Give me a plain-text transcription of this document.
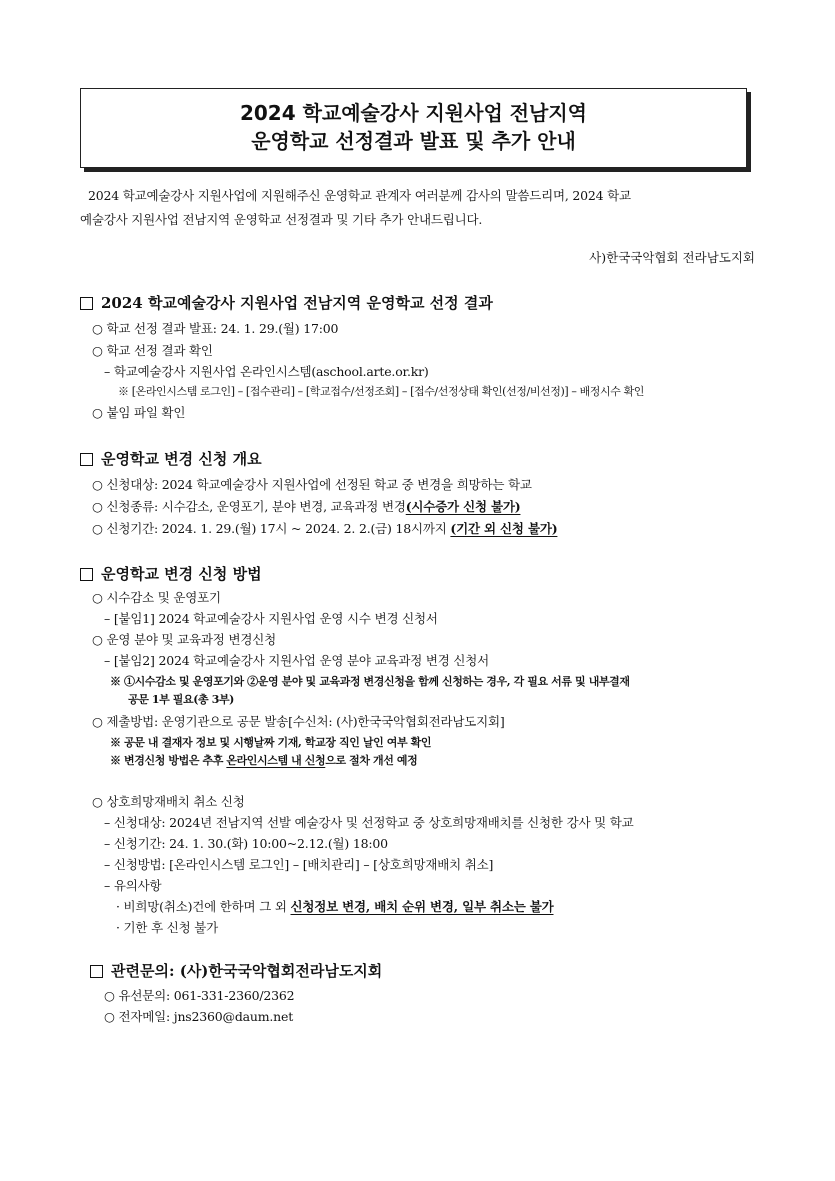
2024 학교예술강사 지원사업 전남지역
운영학교 선정결과 발표 및 추가 안내
2024 학교예술강사 지원사업에 지원해주신 운영학교 관계자 여러분께 감사의 말씀드리며, 2024 학교
예술강사 지원사업 전남지역 운영학교 선정결과 및 기타 추가 안내드립니다.
사)한국국악협회 전라남도지회
2024 학교예술강사 지원사업 전남지역 운영학교 선정 결과
○ 학교 선정 결과 발표: 24. 1. 29.(월) 17:00
○ 학교 선정 결과 확인
– 학교예술강사 지원사업 온라인시스템(aschool.arte.or.kr)
※ [온라인시스템 로그인] – [접수관리] – [학교접수/선정조회] – [접수/선정상태 확인(선정/비선정)] – 배정시수 확인
○ 붙임 파일 확인
운영학교 변경 신청 개요
○ 신청대상: 2024 학교예술강사 지원사업에 선정된 학교 중 변경을 희망하는 학교
○ 신청종류: 시수감소, 운영포기, 분야 변경, 교육과정 변경(시수증가 신청 불가)
○ 신청기간: 2024. 1. 29.(월) 17시 ~ 2024. 2. 2.(금) 18시까지 (기간 외 신청 불가)
운영학교 변경 신청 방법
○ 시수감소 및 운영포기
– [붙임1] 2024 학교예술강사 지원사업 운영 시수 변경 신청서
○ 운영 분야 및 교육과정 변경신청
– [붙임2] 2024 학교예술강사 지원사업 운영 분야 교육과정 변경 신청서
※ ①시수감소 및 운영포기와 ②운영 분야 및 교육과정 변경신청을 함께 신청하는 경우, 각 필요 서류 및 내부결재
공문 1부 필요(총 3부)
○ 제출방법: 운영기관으로 공문 발송[수신처: (사)한국국악협회전라남도지회]
※ 공문 내 결재자 정보 및 시행날짜 기재, 학교장 직인 날인 여부 확인
※ 변경신청 방법은 추후 온라인시스템 내 신청으로 절차 개선 예정
○ 상호희망재배치 취소 신청
– 신청대상: 2024년 전남지역 선발 예술강사 및 선정학교 중 상호희망재배치를 신청한 강사 및 학교
– 신청기간: 24. 1. 30.(화) 10:00~2.12.(월) 18:00
– 신청방법: [온라인시스템 로그인] – [배치관리] – [상호희망재배치 취소]
– 유의사항
· 비희망(취소)건에 한하며 그 외 신청정보 변경, 배치 순위 변경, 일부 취소는 불가
· 기한 후 신청 불가
관련문의: (사)한국국악협회전라남도지회
○ 유선문의: 061-331-2360/2362
○ 전자메일: jns2360@daum.net
